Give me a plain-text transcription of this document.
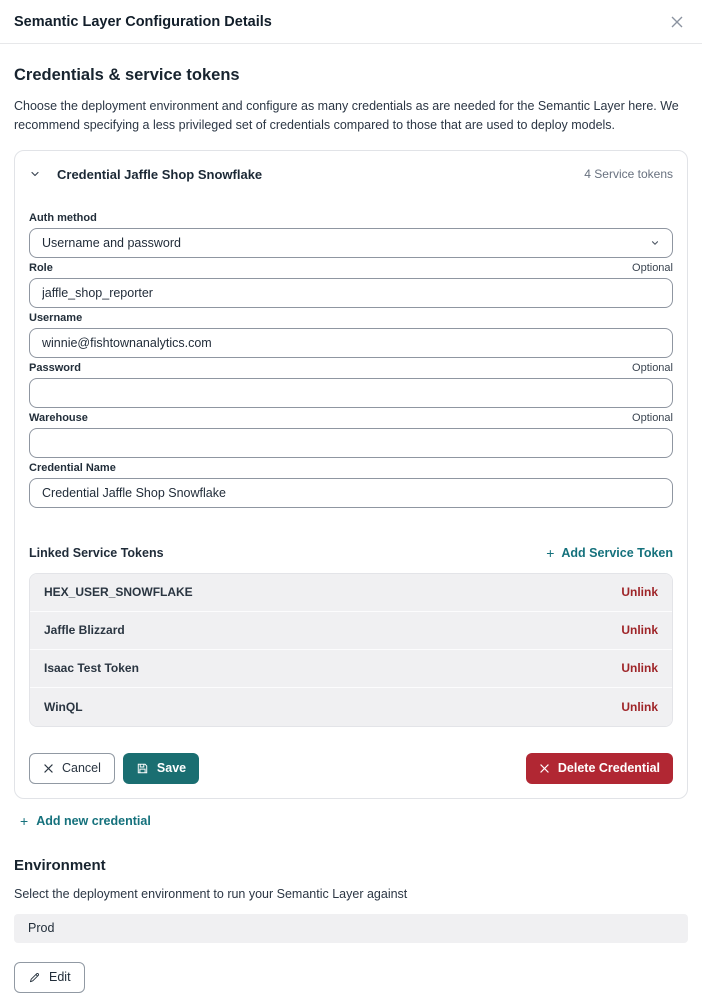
Semantic Layer Configuration Details
Credentials & service tokens
Choose the deployment environment and configure as many credentials as are needed for the Semantic Layer here. We recommend specifying a less privileged set of credentials compared to those that are used to deploy models.
Credential Jaffle Shop Snowflake	4 Service tokens
Auth method
Username and password
Role	Optional
jaffle_shop_reporter
Username
winnie@fishtownanalytics.com
Password	Optional
Warehouse	Optional
Credential Name
Credential Jaffle Shop Snowflake
Linked Service Tokens	+ Add Service Token
HEX_USER_SNOWFLAKE	Unlink
Jaffle Blizzard	Unlink
Isaac Test Token	Unlink
WinQL	Unlink
Cancel	Save	Delete Credential
+ Add new credential
Environment
Select the deployment environment to run your Semantic Layer against
Prod
Edit
